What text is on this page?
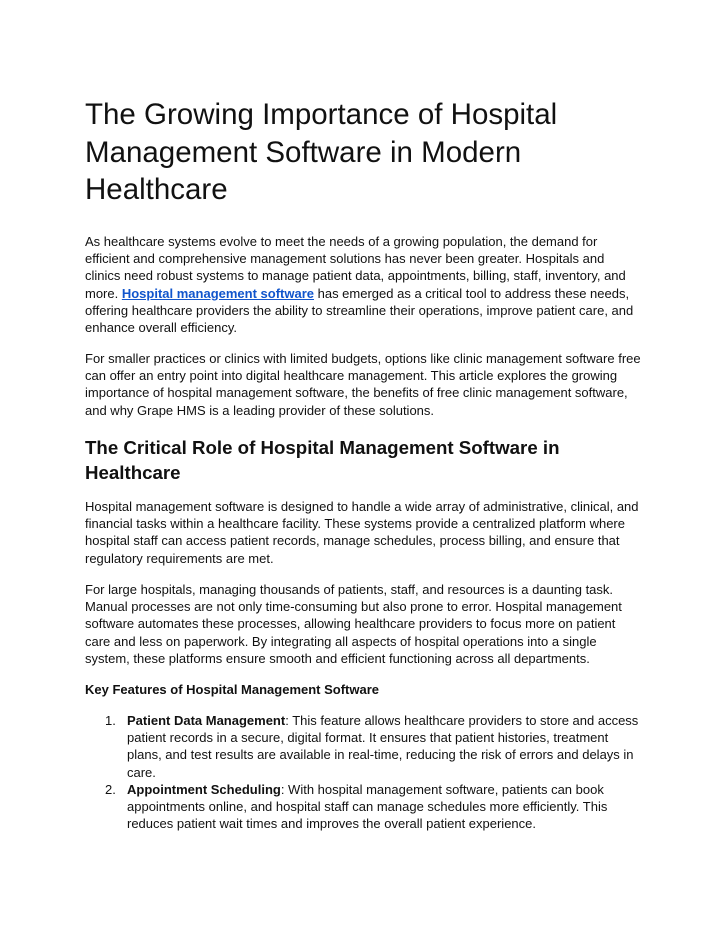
The Growing Importance of Hospital Management Software in Modern Healthcare

As healthcare systems evolve to meet the needs of a growing population, the demand for efficient and comprehensive management solutions has never been greater. Hospitals and clinics need robust systems to manage patient data, appointments, billing, staff, inventory, and more. Hospital management software has emerged as a critical tool to address these needs, offering healthcare providers the ability to streamline their operations, improve patient care, and enhance overall efficiency.

For smaller practices or clinics with limited budgets, options like clinic management software free can offer an entry point into digital healthcare management. This article explores the growing importance of hospital management software, the benefits of free clinic management software, and why Grape HMS is a leading provider of these solutions.

The Critical Role of Hospital Management Software in Healthcare

Hospital management software is designed to handle a wide array of administrative, clinical, and financial tasks within a healthcare facility. These systems provide a centralized platform where hospital staff can access patient records, manage schedules, process billing, and ensure that regulatory requirements are met.

For large hospitals, managing thousands of patients, staff, and resources is a daunting task. Manual processes are not only time-consuming but also prone to error. Hospital management software automates these processes, allowing healthcare providers to focus more on patient care and less on paperwork. By integrating all aspects of hospital operations into a single system, these platforms ensure smooth and efficient functioning across all departments.

Key Features of Hospital Management Software
1. Patient Data Management: This feature allows healthcare providers to store and access patient records in a secure, digital format. It ensures that patient histories, treatment plans, and test results are available in real-time, reducing the risk of errors and delays in care.
2. Appointment Scheduling: With hospital management software, patients can book appointments online, and hospital staff can manage schedules more efficiently. This reduces patient wait times and improves the overall patient experience.
